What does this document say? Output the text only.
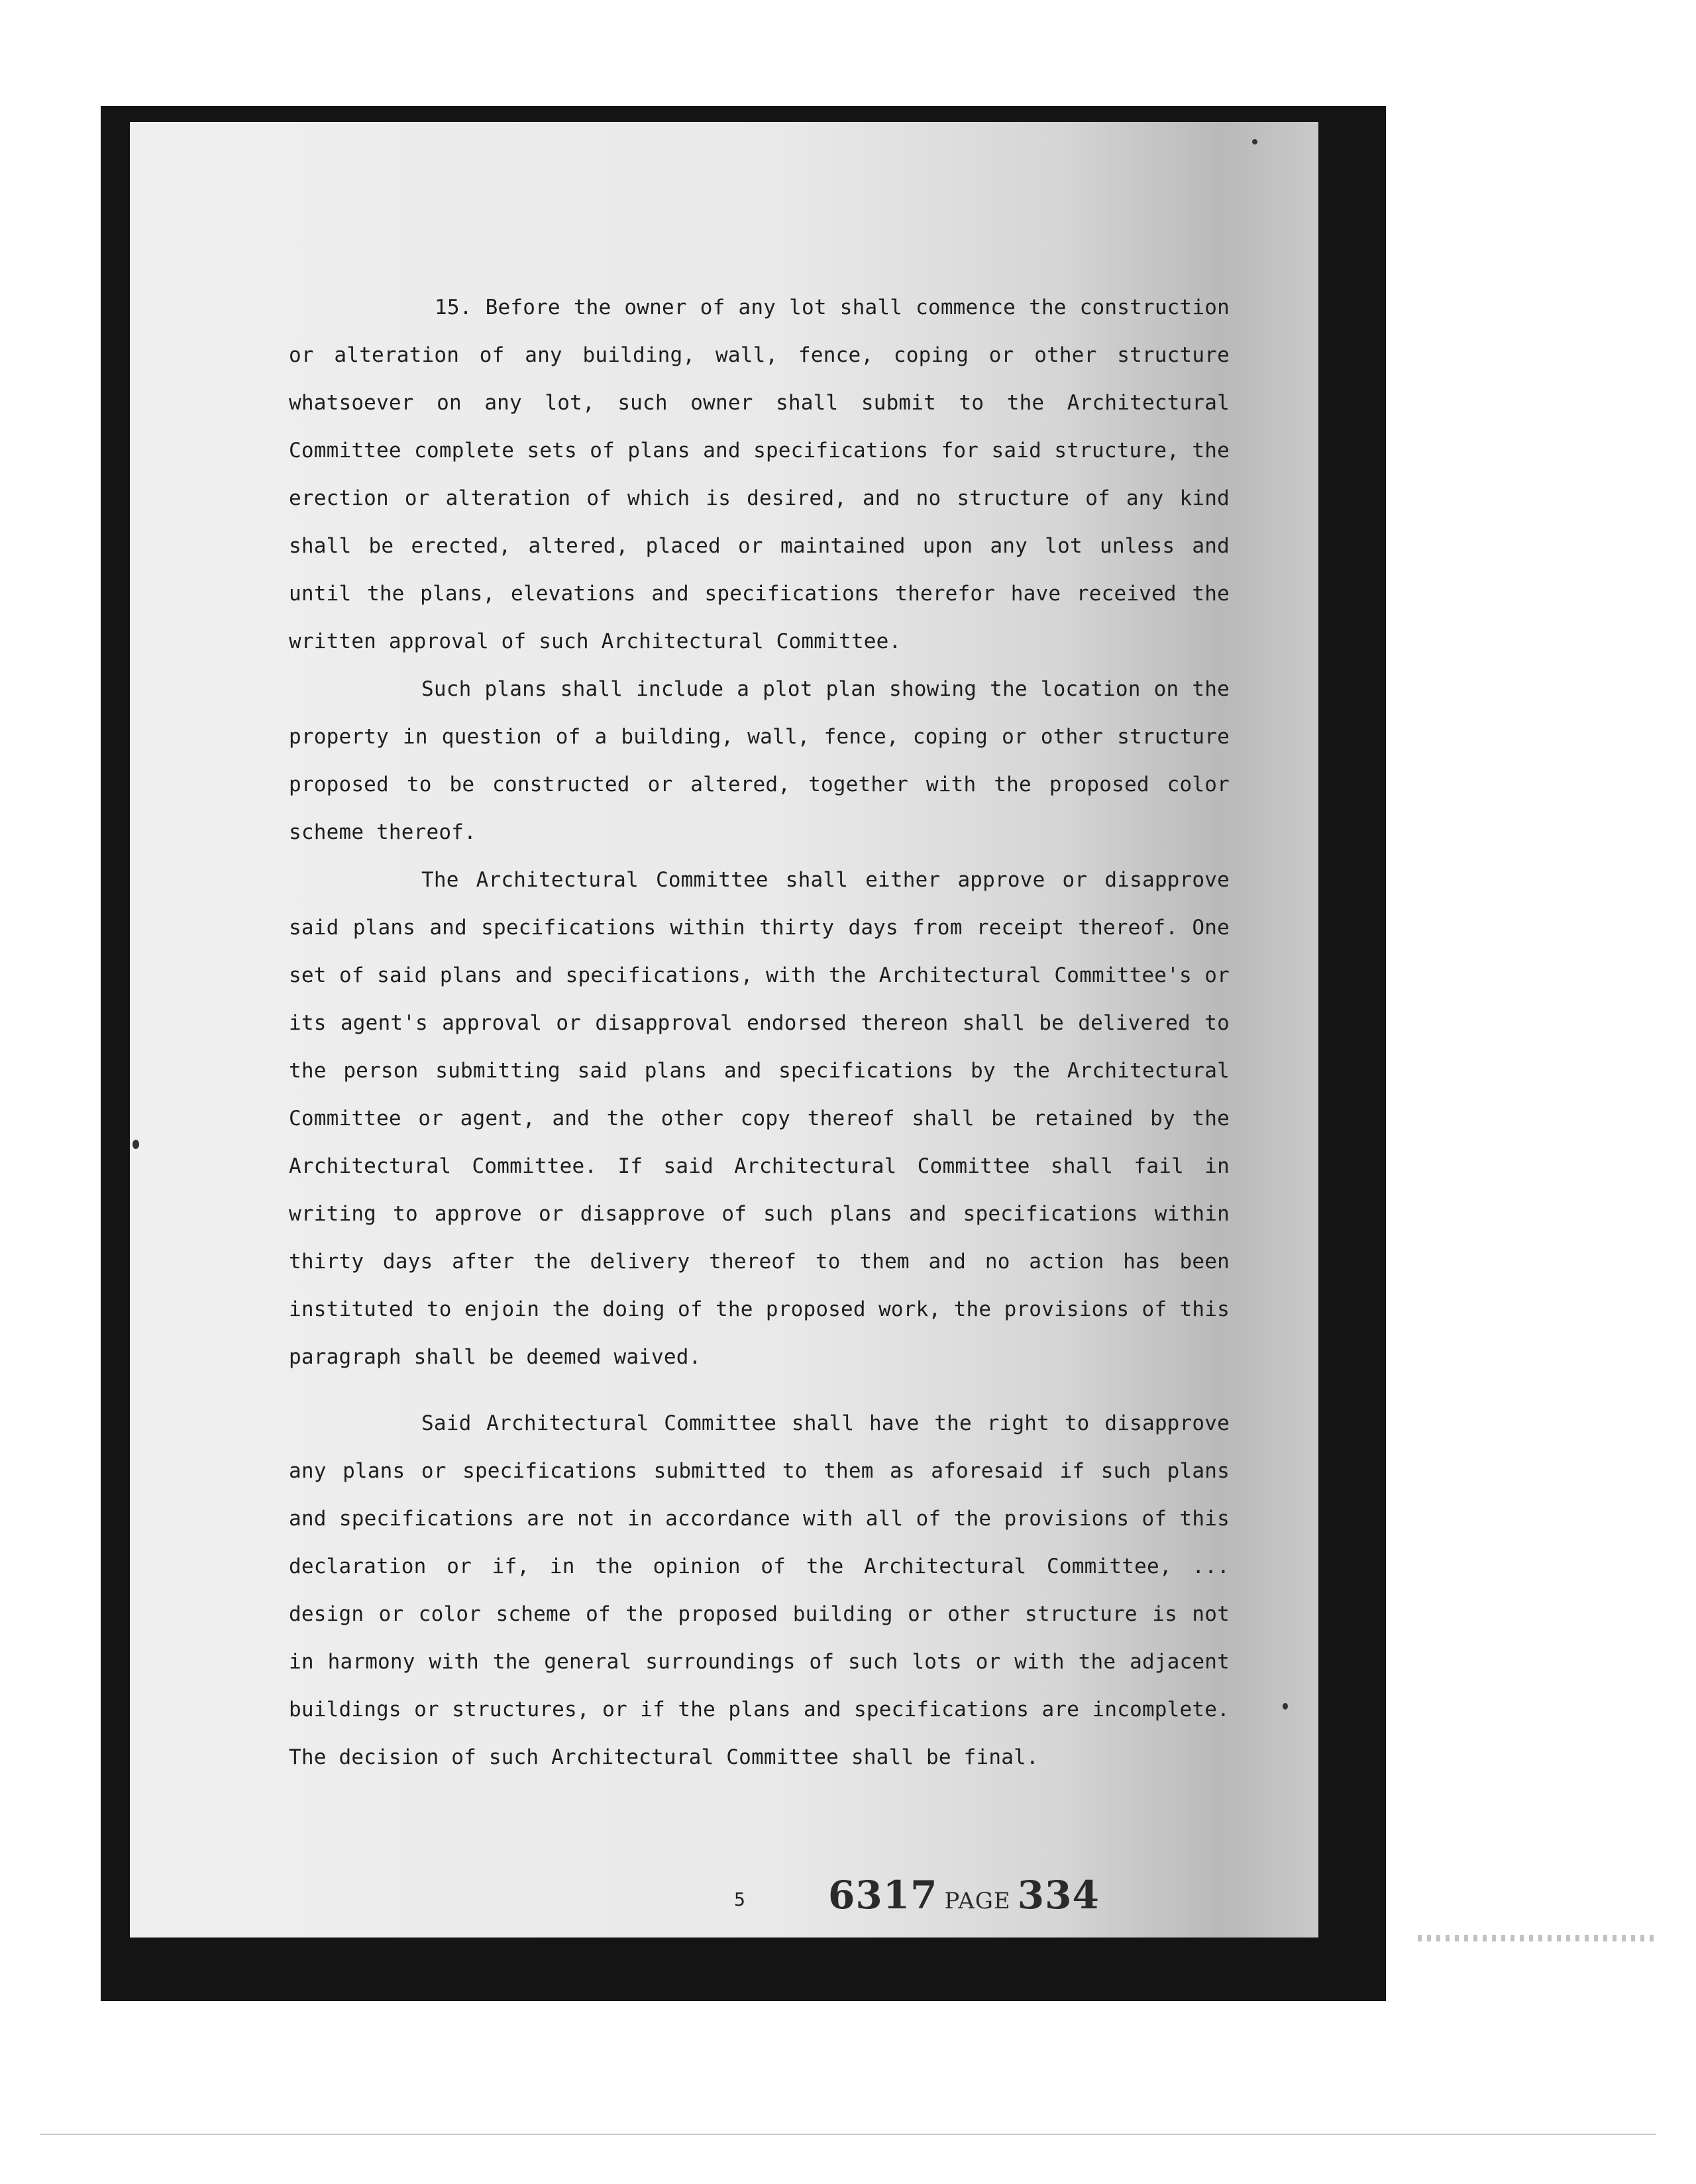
15. Before the owner of any lot shall commence the construction or alteration of any building, wall, fence, coping or other structure whatsoever on any lot, such owner shall submit to the Architectural Committee complete sets of plans and specifications for said structure, the erection or alteration of which is desired, and no structure of any kind shall be erected, altered, placed or maintained upon any lot unless and until the plans, elevations and specifications therefor have received the written approval of such Architectural Committee.

Such plans shall include a plot plan showing the location on the property in question of a building, wall, fence, coping or other structure proposed to be constructed or altered, together with the proposed color scheme thereof.

The Architectural Committee shall either approve or disapprove said plans and specifications within thirty days from receipt thereof. One set of said plans and specifications, with the Architectural Committee's or its agent's approval or disapproval endorsed thereon shall be delivered to the person submitting said plans and specifications by the Architectural Committee or agent, and the other copy thereof shall be retained by the Architectural Committee. If said Architectural Committee shall fail in writing to approve or disapprove of such plans and specifications within thirty days after the delivery thereof to them and no action has been instituted to enjoin the doing of the proposed work, the provisions of this paragraph shall be deemed waived.

Said Architectural Committee shall have the right to disapprove any plans or specifications submitted to them as aforesaid if such plans and specifications are not in accordance with all of the provisions of this declaration or if, in the opinion of the Architectural Committee, ... design or color scheme of the proposed building or other structure is not in harmony with the general surroundings of such lots or with the adjacent buildings or structures, or if the plans and specifications are incomplete. The decision of such Architectural Committee shall be final.

5 6317 PAGE 334
